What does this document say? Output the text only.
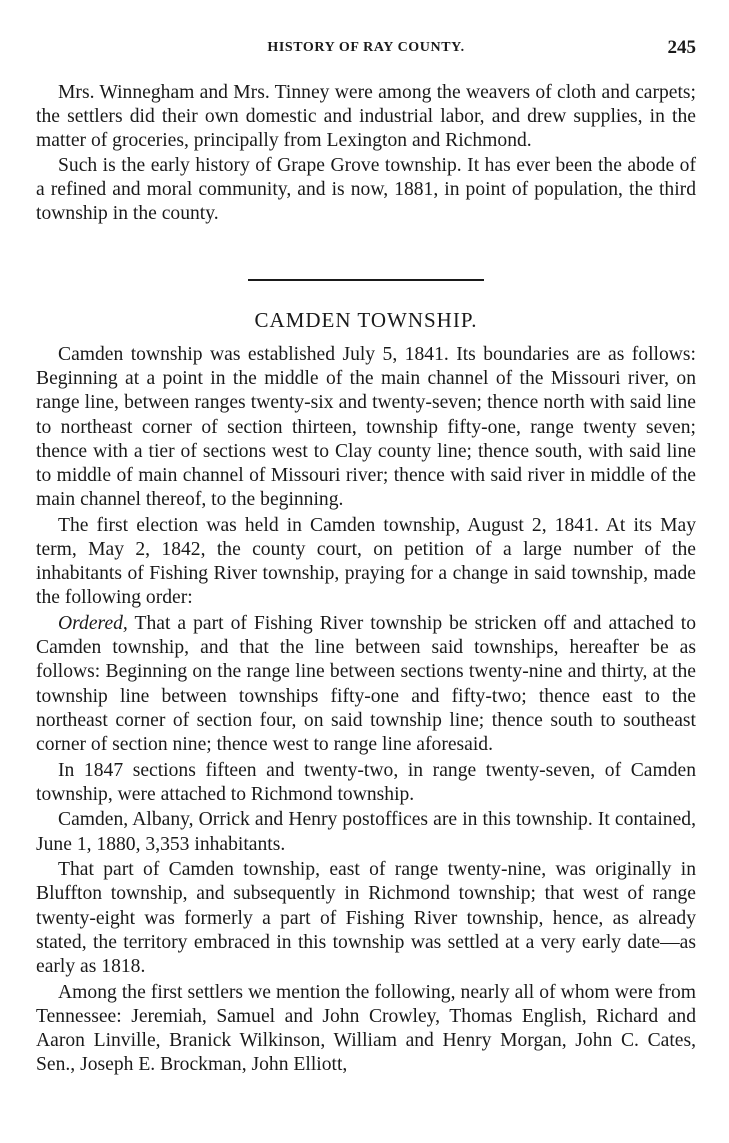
HISTORY OF RAY COUNTY.	245

Mrs. Winnegham and Mrs. Tinney were among the weavers of cloth and carpets; the settlers did their own domestic and industrial labor, and drew supplies, in the matter of groceries, principally from Lexington and Richmond.

Such is the early history of Grape Grove township. It has ever been the abode of a refined and moral community, and is now, 1881, in point of population, the third township in the county.

CAMDEN TOWNSHIP.

Camden township was established July 5, 1841. Its boundaries are as follows: Beginning at a point in the middle of the main channel of the Missouri river, on range line, between ranges twenty-six and twenty-seven; thence north with said line to northeast corner of section thirteen, township fifty-one, range twenty seven; thence with a tier of sections west to Clay county line; thence south, with said line to middle of main channel of Missouri river; thence with said river in middle of the main channel thereof, to the beginning.

The first election was held in Camden township, August 2, 1841. At its May term, May 2, 1842, the county court, on petition of a large number of the inhabitants of Fishing River township, praying for a change in said township, made the following order:

Ordered, That a part of Fishing River township be stricken off and attached to Camden township, and that the line between said townships, hereafter be as follows: Beginning on the range line between sections twenty-nine and thirty, at the township line between townships fifty-one and fifty-two; thence east to the northeast corner of section four, on said township line; thence south to southeast corner of section nine; thence west to range line aforesaid.

In 1847 sections fifteen and twenty-two, in range twenty-seven, of Camden township, were attached to Richmond township.

Camden, Albany, Orrick and Henry postoffices are in this township. It contained, June 1, 1880, 3,353 inhabitants.

That part of Camden township, east of range twenty-nine, was originally in Bluffton township, and subsequently in Richmond township; that west of range twenty-eight was formerly a part of Fishing River township, hence, as already stated, the territory embraced in this township was settled at a very early date—as early as 1818.

Among the first settlers we mention the following, nearly all of whom were from Tennessee: Jeremiah, Samuel and John Crowley, Thomas English, Richard and Aaron Linville, Branick Wilkinson, William and Henry Morgan, John C. Cates, Sen., Joseph E. Brockman, John Elliott,
